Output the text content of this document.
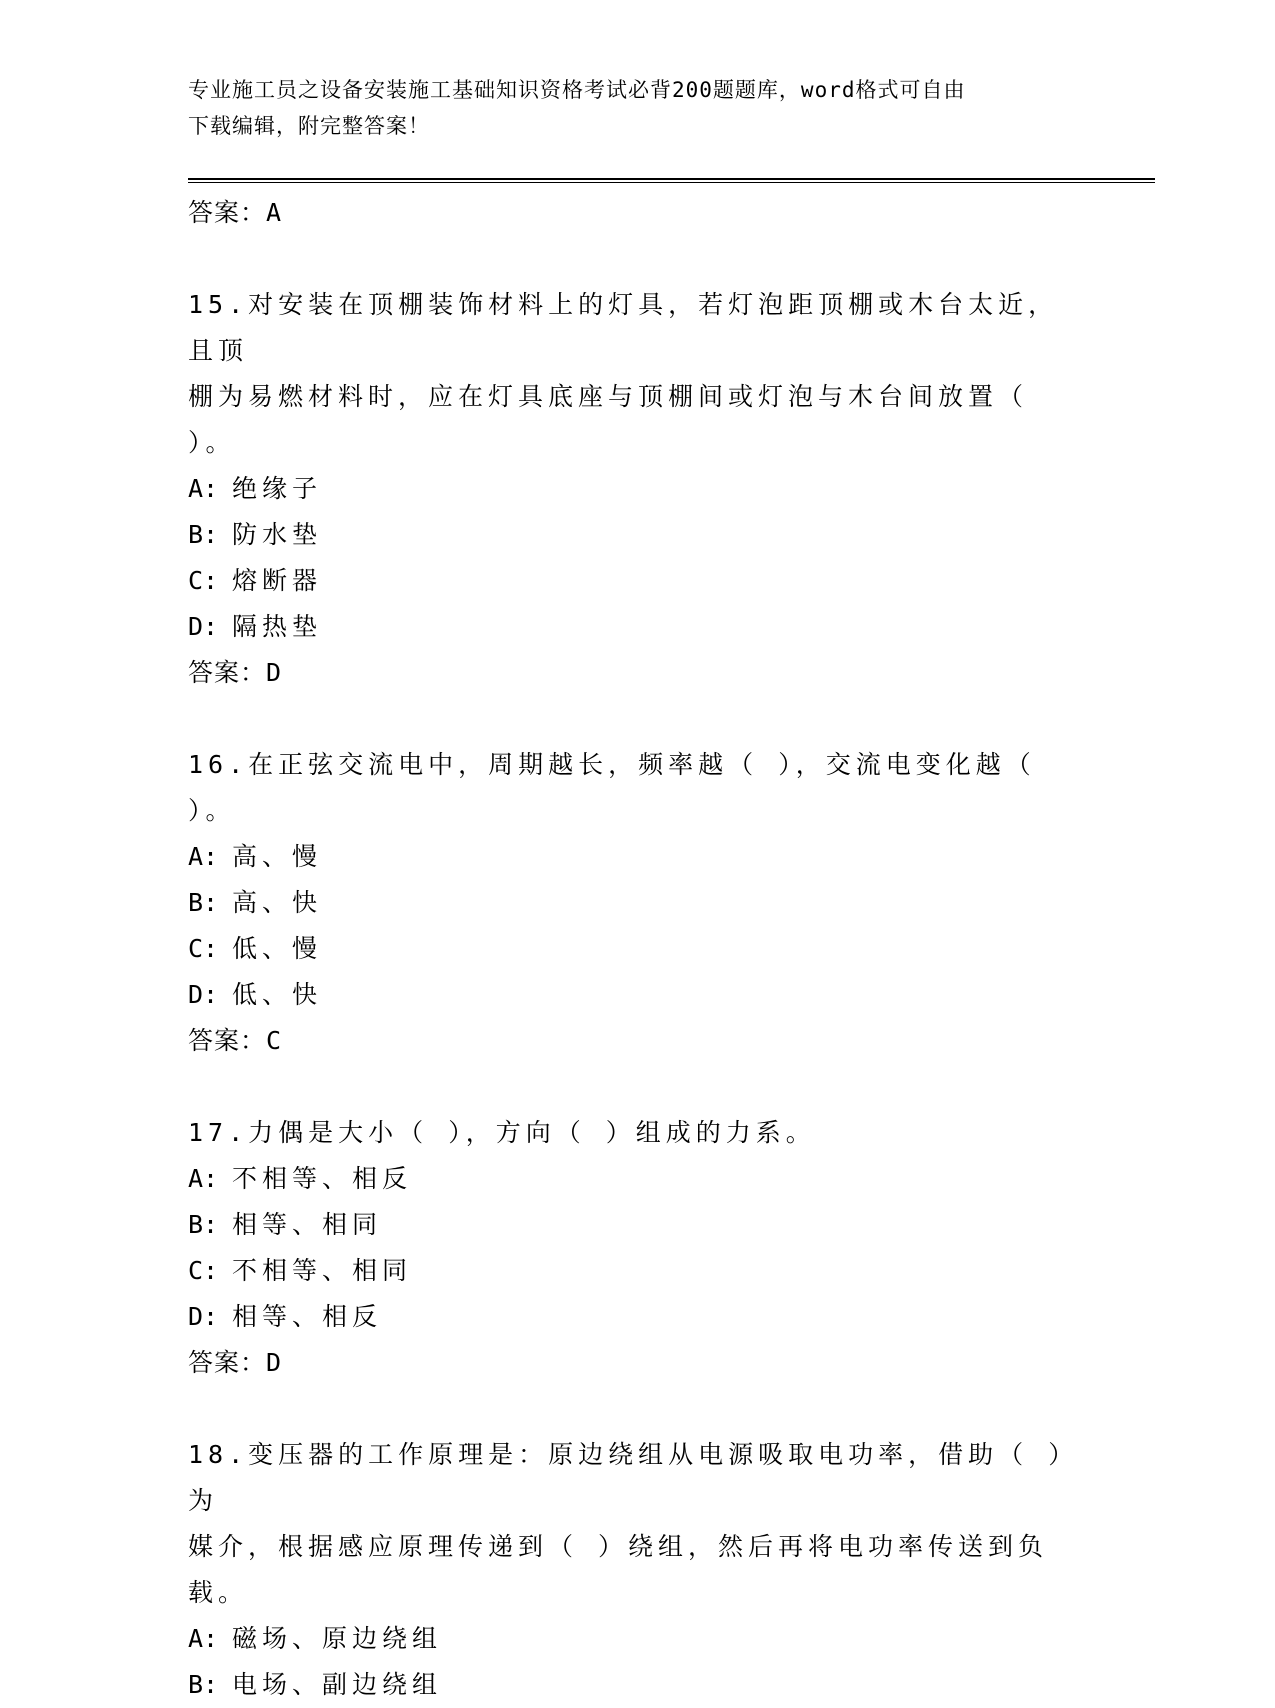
专业施工员之设备安装施工基础知识资格考试必背200题题库，word格式可自由
下载编辑，附完整答案！
答案：A

15.对安装在顶棚装饰材料上的灯具，若灯泡距顶棚或木台太近，且顶
棚为易燃材料时，应在灯具底座与顶棚间或灯泡与木台间放置（ ）。

A: 绝缘子
B: 防水垫
C: 熔断器
D: 隔热垫
答案：D

16.在正弦交流电中，周期越长，频率越（ ），交流电变化越（ ）。

A: 高、慢
B: 高、快
C: 低、慢
D: 低、快
答案：C

17.力偶是大小（ ），方向（ ）组成的力系。

A: 不相等、相反
B: 相等、相同
C: 不相等、相同
D: 相等、相反
答案：D

18.变压器的工作原理是：原边绕组从电源吸取电功率，借助（ ）为
媒介，根据感应原理传递到（ ）绕组，然后再将电功率传送到负载。

A: 磁场、原边绕组
B: 电场、副边绕组
